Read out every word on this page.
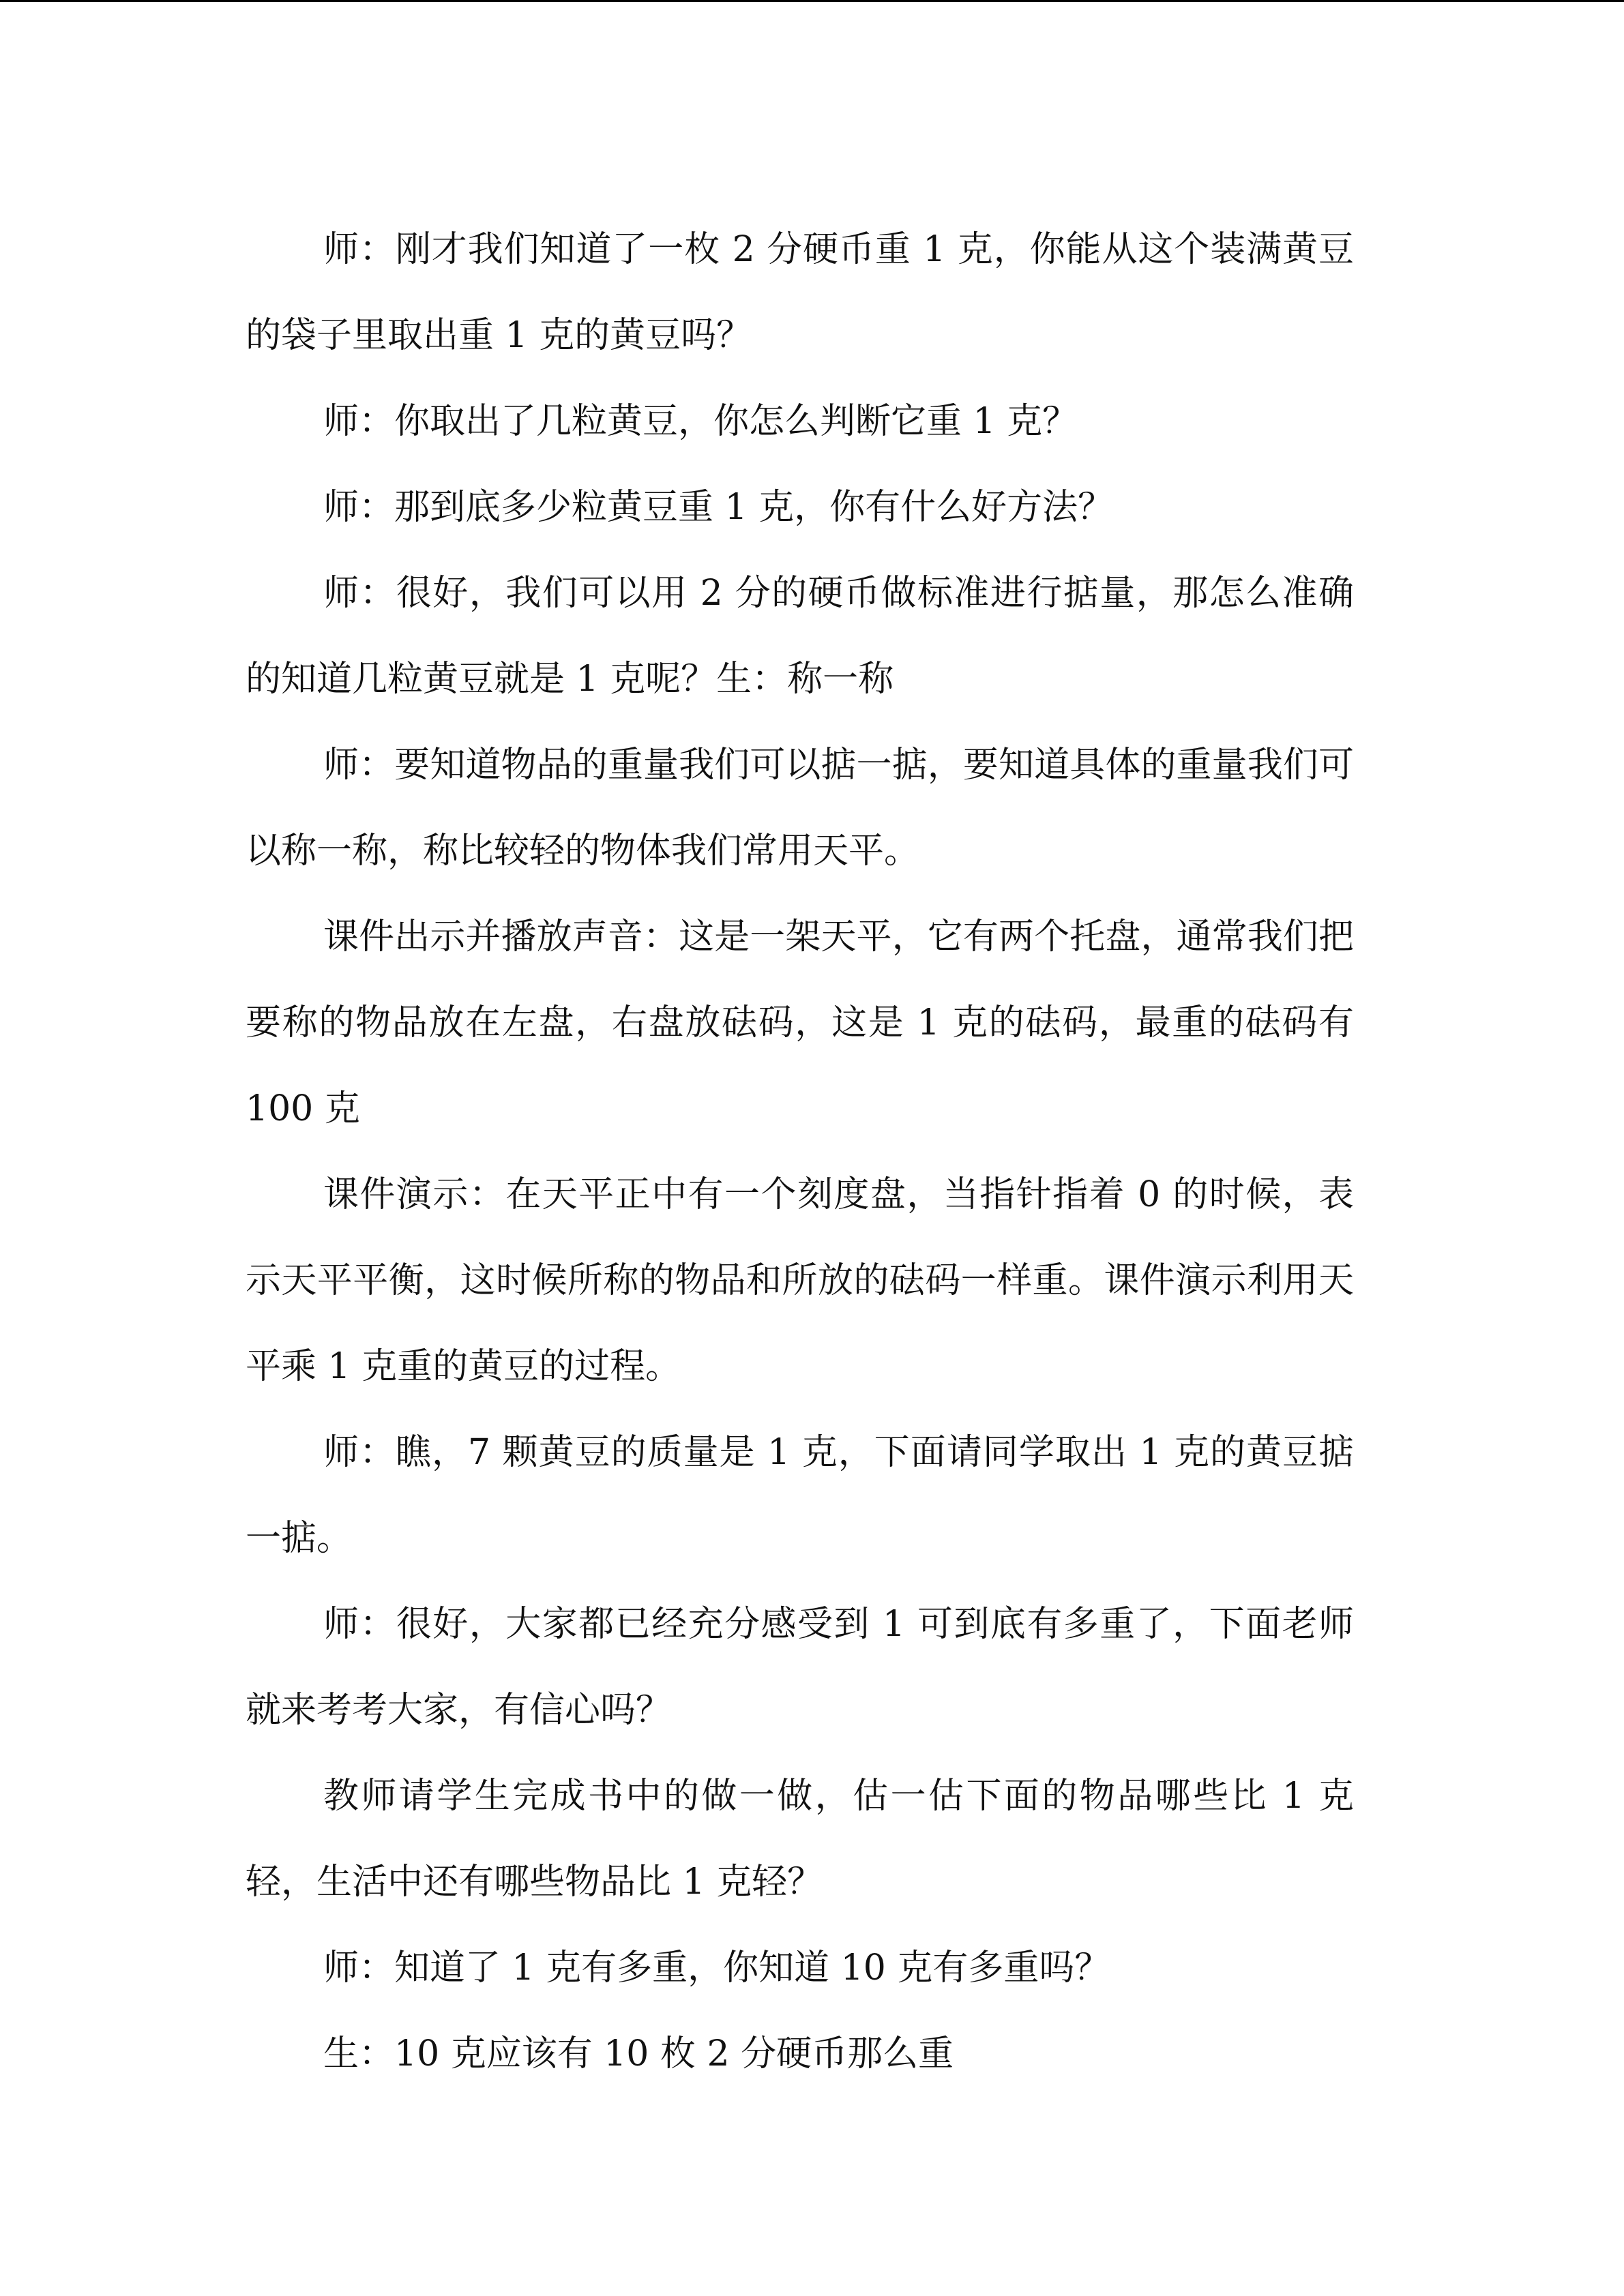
师：刚才我们知道了一枚 2 分硬币重 1 克，你能从这个装满黄豆的袋子里取出重 1 克的黄豆吗？

师：你取出了几粒黄豆，你怎么判断它重 1 克？

师：那到底多少粒黄豆重 1 克，你有什么好方法？

师：很好，我们可以用 2 分的硬币做标准进行掂量，那怎么准确的知道几粒黄豆就是 1 克呢？生：称一称

师：要知道物品的重量我们可以掂一掂，要知道具体的重量我们可以称一称，称比较轻的物体我们常用天平。

课件出示并播放声音：这是一架天平，它有两个托盘，通常我们把要称的物品放在左盘，右盘放砝码，这是 1 克的砝码，最重的砝码有 100 克

课件演示：在天平正中有一个刻度盘，当指针指着 0 的时候，表示天平平衡，这时候所称的物品和所放的砝码一样重。课件演示利用天平乘 1 克重的黄豆的过程。

师：瞧，7 颗黄豆的质量是 1 克，下面请同学取出 1 克的黄豆掂一掂。

师：很好，大家都已经充分感受到 1 可到底有多重了，下面老师就来考考大家，有信心吗？

教师请学生完成书中的做一做，估一估下面的物品哪些比 1 克轻，生活中还有哪些物品比 1 克轻？

师：知道了 1 克有多重，你知道 10 克有多重吗？

生：10 克应该有 10 枚 2 分硬币那么重
